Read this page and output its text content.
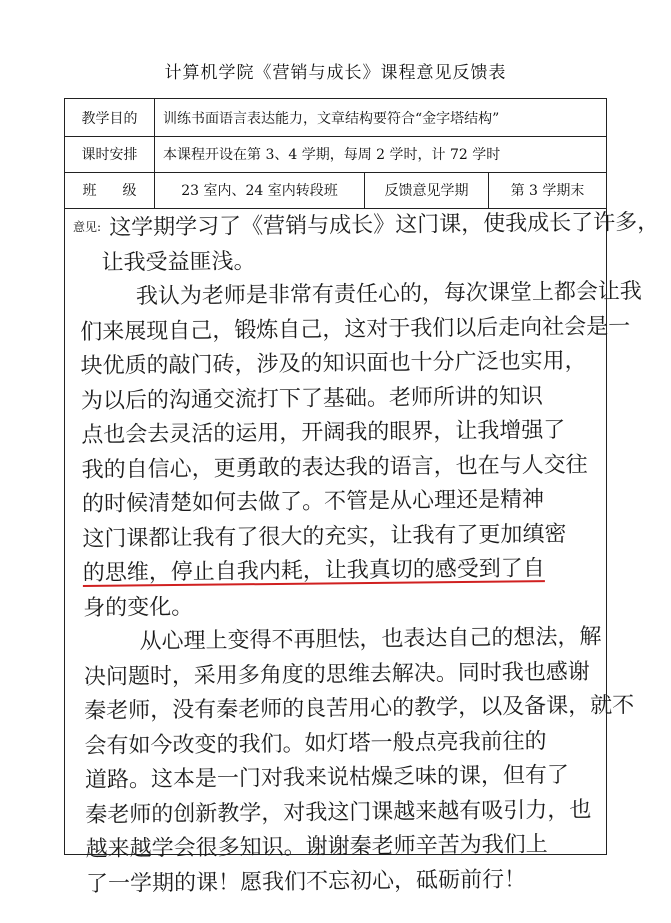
计算机学院《营销与成长》课程意见反馈表
教学目的	训练书面语言表达能力，文章结构要符合“金字塔结构”
课时安排	本课程开设在第 3、4 学期，每周 2 学时，计 72 学时
班级	23 室内、24 室内转段班	反馈意见学期	第 3 学期末
意见: 这学期学习了《营销与成长》这门课，使我成长了许多，
让我受益匪浅。
我认为老师是非常有责任心的，每次课堂上都会让我
们来展现自己，锻炼自己，这对于我们以后走向社会是一
块优质的敲门砖，涉及的知识面也十分广泛也实用，
为以后的沟通交流打下了基础。老师所讲的知识
点也会去灵活的运用，开阔我的眼界，让我增强了
我的自信心，更勇敢的表达我的语言，也在与人交往
的时候清楚如何去做了。不管是从心理还是精神
这门课都让我有了很大的充实，让我有了更加缜密
的思维，停止自我内耗，让我真切的感受到了自
身的变化。
从心理上变得不再胆怯，也表达自己的想法，解
决问题时，采用多角度的思维去解决。同时我也感谢
秦老师，没有秦老师的良苦用心的教学，以及备课，就不
会有如今改变的我们。如灯塔一般点亮我前往的
道路。这本是一门对我来说枯燥乏味的课，但有了
秦老师的创新教学，对我这门课越来越有吸引力，也
越来越学会很多知识。谢谢秦老师辛苦为我们上
了一学期的课！愿我们不忘初心，砥砺前行！
